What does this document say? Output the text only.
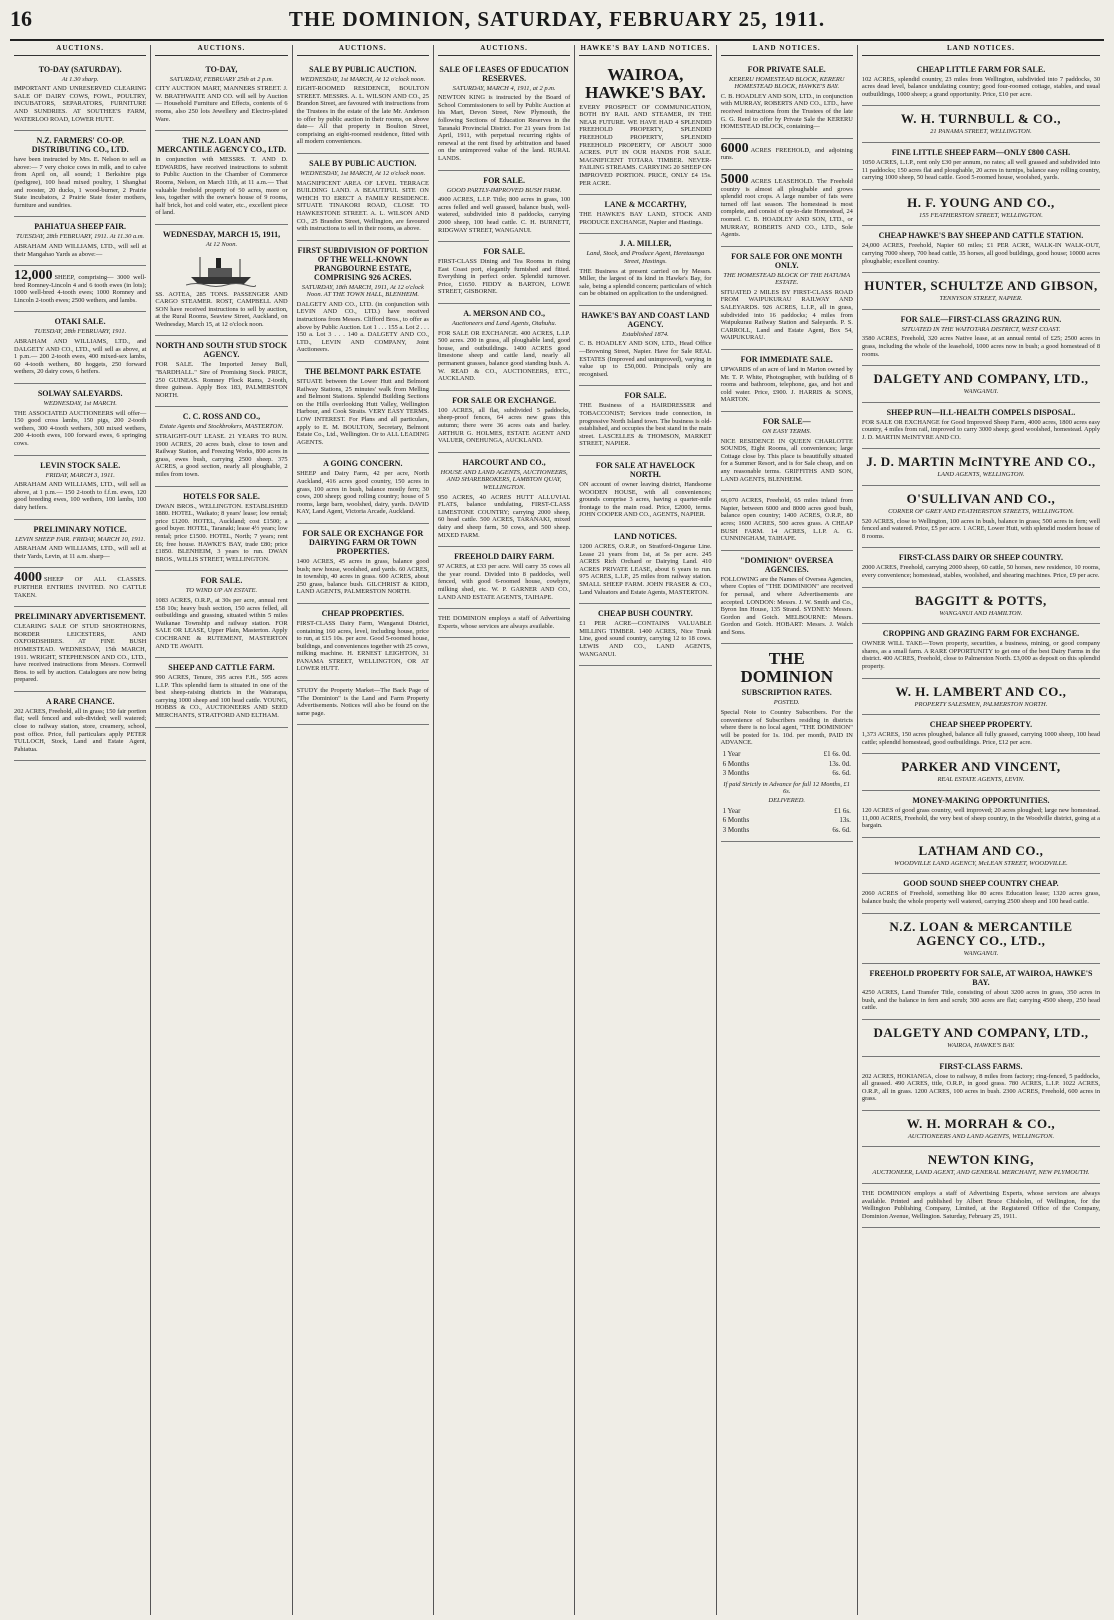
16	THE DOMINION, SATURDAY, FEBRUARY 25, 1911.
AUCTIONS.
TO-DAY (SATURDAY).
At 1.30 sharp.

IMPORTANT AND UNRESERVED CLEARING SALE OF DAIRY COWS, FOWL, POULTRY, INCUBATORS, SEPARATORS, FURNITURE AND SUNDRIES. AT SOUTHEE'S FARM, WATERLOO ROAD, LOWER HUTT.

N.Z. FARMERS' CO-OP. DISTRIBUTING CO., LTD.

have been instructed by Mrs. E. Nelson to sell as above:— 7 very choice cows in milk, and to calve from April on, all sound; 1 Berkshire pigs (pedigree), 100 head mixed poultry, 1 Shanghai and rooster, 20 ducks, 1 wood-burner, 2 Prairie State incubators, 2 Prairie State foster mothers, furniture and sundries.

PAHIATUA SHEEP FAIR.
TUESDAY, 28th FEBRUARY, 1911. At 11.30 a.m.

ABRAHAM AND WILLIAMS, LTD., will sell at their Mangahao Yards as above:—

12,000 SHEEP, comprising— 3000 well-bred Romney-Lincoln 4 and 6 tooth ewes (in lots); 1000 well-bred 4-tooth ewes; 1000 Romney and Lincoln 2-tooth ewes; 2500 wethers, and lambs.

OTAKI SALE.
TUESDAY, 28th FEBRUARY, 1911.

ABRAHAM AND WILLIAMS, LTD., and DALGETY AND CO., LTD., will sell as above, at 1 p.m.— 200 2-tooth ewes, 400 mixed-sex lambs, 60 4-tooth wethers, 80 hoggets, 250 forward wethers, 20 dairy cows, 6 heifers.

SOLWAY SALEYARDS.
WEDNESDAY, 1st MARCH.

THE ASSOCIATED AUCTIONEERS will offer— 150 good cross lambs, 150 pigs, 200 2-tooth wethers, 300 4-tooth wethers, 300 mixed wethers, 200 4-tooth ewes, 100 forward ewes, 6 springing cows.

LEVIN STOCK SALE.
FRIDAY, MARCH 3, 1911.

ABRAHAM AND WILLIAMS, LTD., will sell as above, at 1 p.m.— 150 2-tooth to f.f.m. ewes, 120 good breeding ewes, 100 wethers, 100 lambs, 100 dairy heifers.

PRELIMINARY NOTICE.
LEVIN SHEEP FAIR. FRIDAY, MARCH 10, 1911.

ABRAHAM AND WILLIAMS, LTD., will sell at their Yards, Levin, at 11 a.m. sharp—

4000 SHEEP OF ALL CLASSES. FURTHER ENTRIES INVITED. NO CATTLE TAKEN.

PRELIMINARY ADVERTISEMENT.

CLEARING SALE OF STUD SHORTHORNS, BORDER LEICESTERS, AND OXFORDSHIRES. AT FINE BUSH HOMESTEAD. WEDNESDAY, 15th MARCH, 1911. WRIGHT, STEPHENSON AND CO., LTD., have received instructions from Messrs. Cornwell Bros. to sell by auction. Catalogues are now being prepared.

A RARE CHANCE.

202 ACRES, Freehold, all in grass; 150 fair portion flat; well fenced and sub-divided; well watered; close to railway station, store, creamery, school, post office. Price, full particulars apply PETER TULLOCH, Stock, Land and Estate Agent, Pahiatua.

AUCTIONS.
TO-DAY,
SATURDAY, FEBRUARY 25th at 2 p.m.

CITY AUCTION MART, MANNERS STREET. J. W. BRATHWAITE AND CO. will sell by Auction— Household Furniture and Effects, contents of 6 rooms, also 250 lots Jewellery and Electro-plated Ware.

THE N.Z. LOAN AND MERCANTILE AGENCY CO., LTD.

in conjunction with MESSRS. T. AND D. EDWARDS, have received instructions to submit to Public Auction in the Chamber of Commerce Rooms, Nelson, on March 11th, at 11 a.m.— That valuable freehold property of 50 acres, more or less, together with the owner's house of 9 rooms, half brick, hot and cold water, etc., excellent piece of land.

WEDNESDAY, MARCH 15, 1911,
At 12 Noon.

SS. AOTEA, 285 TONS. PASSENGER AND CARGO STEAMER. ROST, CAMPBELL AND SON have received instructions to sell by auction, at the Rural Rooms, Seaview Street, Auckland, on Wednesday, March 15, at 12 o'clock noon.

NORTH AND SOUTH STUD STOCK AGENCY.

FOR SALE. The Imported Jersey Bull, "BARDHALL." Sire of Promising Stock. PRICE, 250 GUINEAS. Romney Flock Rams, 2-tooth, three guineas. Apply Box 183, PALMERSTON NORTH.

C. C. ROSS AND CO.,
Estate Agents and Stockbrokers, MASTERTON.

STRAIGHT-OUT LEASE. 21 YEARS TO RUN. 1900 ACRES, 20 acres bush, close to town and Railway Station, and Freezing Works, 800 acres in grass, ewes bush, carrying 2500 sheep. 375 ACRES, a good section, nearly all ploughable, 2 miles from town.

HOTELS FOR SALE.

DWAN BROS., WELLINGTON. ESTABLISHED 1880. HOTEL, Waikato; 8 years' lease; low rental; price £1200. HOTEL, Auckland; cost £1500; a good buyer. HOTEL, Taranaki; lease 4½ years; low rental; price £1500. HOTEL, North; 7 years; rent £6; free house. HAWKE'S BAY, trade £80; price £1850. BLENHEIM, 3 years to run. DWAN BROS., WILLIS STREET, WELLINGTON.

FOR SALE.
TO WIND UP AN ESTATE.

1083 ACRES, O.R.P., at 30s per acre, annual rent £58 10s; heavy bush section, 150 acres felled, all outbuildings and grassing, situated within 5 miles Waikanae Township and railway station. FOR SALE OR LEASE, Upper Plain, Masterton. Apply COCHRANE & RUTEMENT, MASTERTON AND TE AWAITI.

SHEEP AND CATTLE FARM.

990 ACRES, Tenure, 395 acres F.H., 595 acres L.I.P. This splendid farm is situated in one of the best sheep-raising districts in the Wairarapa, carrying 1000 sheep and 100 head cattle. YOUNG, HOBBS & CO., AUCTIONEERS AND SEED MERCHANTS, STRATFORD AND ELTHAM.

AUCTIONS.
SALE BY PUBLIC AUCTION.
WEDNESDAY, 1st MARCH, At 12 o'clock noon.

EIGHT-ROOMED RESIDENCE, BOULTON STREET. MESSRS. A. L. WILSON AND CO., 25 Brandon Street, are favoured with instructions from the Trustees in the estate of the late Mr. Anderson to offer by public auction in their rooms, on above date— All that property in Boulton Street, comprising an eight-roomed residence, fitted with all modern conveniences.

SALE BY PUBLIC AUCTION.
WEDNESDAY, 1st MARCH, At 12 o'clock noon.

MAGNIFICENT AREA OF LEVEL TERRACE BUILDING LAND. A BEAUTIFUL SITE ON WHICH TO ERECT A FAMILY RESIDENCE. SITUATE TINAKORI ROAD, CLOSE TO HAWKESTONE STREET. A. L. WILSON AND CO., 25 Brandon Street, Wellington, are favoured with instructions to sell in their rooms, as above.

FIRST SUBDIVISION OF PORTION OF THE WELL-KNOWN PRANGBOURNE ESTATE, COMPRISING 926 ACRES.
SATURDAY, 18th MARCH, 1911, At 12 o'clock Noon. AT THE TOWN HALL, BLENHEIM.

DALGETY AND CO., LTD. (in conjunction with LEVIN AND CO., LTD.) have received instructions from Messrs. Clifford Bros., to offer as above by Public Auction. Lot 1 . . . 155 a. Lot 2 . . . 150 a. Lot 3 . . . 140 a. DALGETY AND CO., LTD., LEVIN AND COMPANY, Joint Auctioneers.

THE BELMONT PARK ESTATE

SITUATE between the Lower Hutt and Belmont Railway Stations, 25 minutes' walk from Melling and Belmont Stations. Splendid Building Sections on the Hills overlooking Hutt Valley, Wellington Harbour, and Cook Straits. VERY EASY TERMS. LOW INTEREST. For Plans and all particulars, apply to E. M. BOULTON, Secretary, Belmont Estate Co., Ltd., Wellington. Or to ALL LEADING AGENTS.

A GOING CONCERN.

SHEEP and Dairy Farm, 42 per acre, North Auckland, 416 acres good country, 150 acres in grass, 100 acres in bush, balance mostly fern; 30 cows, 200 sheep; good rolling country; house of 5 rooms, large barn, woolshed, dairy, yards. DAVID KAY, Land Agent, Victoria Arcade, Auckland.

FOR SALE OR EXCHANGE FOR DAIRYING FARM OR TOWN PROPERTIES.

1400 ACRES, 45 acres in grass, balance good bush; new house, woolshed, and yards. 60 ACRES, in township, 40 acres in grass. 600 ACRES, about 250 grass, balance bush. GILCHRIST & KIDD, LAND AGENTS, PALMERSTON NORTH.

CHEAP PROPERTIES.

FIRST-CLASS Dairy Farm, Wanganui District, containing 160 acres, level, including house, price to run, at £15 10s. per acre. Good 5-roomed house, buildings, and conveniences together with 25 cows, milking machine. H. ERNEST LEIGHTON, 31 PANAMA STREET, WELLINGTON, OR AT LOWER HUTT.

STUDY the Property Market—The Back Page of "The Dominion" is the Land and Farm Property Advertisements. Notices will also be found on the same page.

AUCTIONS.
SALE OF LEASES OF EDUCATION RESERVES.
SATURDAY, MARCH 4, 1911, at 2 p.m.

NEWTON KING is instructed by the Board of School Commissioners to sell by Public Auction at his Mart, Devon Street, New Plymouth, the following Sections of Education Reserves in the Taranaki Provincial District. For 21 years from 1st April, 1911, with perpetual recurring rights of renewal at the rent fixed by arbitration and based on the unimproved value of the land. RURAL LANDS.

FOR SALE.
GOOD PARTLY-IMPROVED BUSH FARM.

4900 ACRES, L.I.P. Title; 800 acres in grass, 100 acres felled and well grassed, balance bush, well-watered, subdivided into 8 paddocks, carrying 2000 sheep, 100 head cattle. C. H. BURNETT, RIDGWAY STREET, WANGANUI.

FOR SALE.

FIRST-CLASS Dining and Tea Rooms in rising East Coast port, elegantly furnished and fitted. Everything in perfect order. Splendid turnover. Price, £1650. FIDDY & BARTON, LOWE STREET, GISBORNE.

A. MERSON AND CO.,
Auctioneers and Land Agents, Otahuhu.

FOR SALE OR EXCHANGE. 400 ACRES, L.I.P. 500 acres. 200 in grass, all ploughable land, good house, and outbuildings. 1400 ACRES good limestone sheep and cattle land, nearly all permanent grasses, balance good standing bush. A. W. READ & CO., AUCTIONEERS, ETC., AUCKLAND.

FOR SALE OR EXCHANGE.

100 ACRES, all flat, subdivided 5 paddocks, sheep-proof fences, 64 acres new grass this autumn; there were 36 acres oats and barley. ARTHUR G. HOLMES, ESTATE AGENT AND VALUER, ONEHUNGA, AUCKLAND.

HARCOURT AND CO.,
HOUSE AND LAND AGENTS, AUCTIONEERS, AND SHAREBROKERS, LAMBTON QUAY, WELLINGTON.

950 ACRES, 40 ACRES HUTT ALLUVIAL FLATS, balance undulating, FIRST-CLASS LIMESTONE COUNTRY; carrying 2000 sheep, 60 head cattle. 500 ACRES, TARANAKI, mixed dairy and sheep farm, 50 cows, and 500 sheep. MIXED FARM.

FREEHOLD DAIRY FARM.

97 ACRES, at £33 per acre. Will carry 35 cows all the year round. Divided into 8 paddocks, well fenced, with good 6-roomed house, cowbyre, milking shed, etc. W. P. GARNER AND CO., LAND AND ESTATE AGENTS, TAIHAPE.

THE DOMINION employs a staff of Advertising Experts, whose services are always available.

HAWKE'S BAY LAND NOTICES.
WAIROA, HAWKE'S BAY.

EVERY PROSPECT OF COMMUNICATION, BOTH BY RAIL AND STEAMER, IN THE NEAR FUTURE. WE HAVE HAD 4 SPLENDID FREEHOLD PROPERTY, SPLENDID FREEHOLD PROPERTY, SPLENDID FREEHOLD PROPERTY, OF ABOUT 3000 ACRES. PUT IN OUR HANDS FOR SALE. MAGNIFICENT TOTARA TIMBER. NEVER-FAILING STREAMS. CARRYING 20 SHEEP ON IMPROVED PORTION. PRICE, ONLY £4 15s. PER ACRE.

LANE & MCCARTHY,

THE HAWKE'S BAY LAND, STOCK AND PRODUCE EXCHANGE, Napier and Hastings.

J. A. MILLER,
Land, Stock, and Produce Agent, Heretaunga Street, Hastings.

THE Business at present carried on by Messrs. Miller, the largest of its kind in Hawke's Bay, for sale, being a splendid concern; particulars of which can be obtained on application to the undersigned.

HAWKE'S BAY AND COAST LAND AGENCY.
Established 1874.

C. B. HOADLEY AND SON, LTD., Head Office—Browning Street, Napier. Have for Sale REAL ESTATES (Improved and unimproved), varying in value up to £50,000. Principals only are recognised.

FOR SALE.

THE Business of a HAIRDRESSER and TOBACCONIST; Services trade connection, in progressive North Island town. The business is old-established, and occupies the best stand in the main street. LASCELLES & THOMSON, MARKET STREET, NAPIER.

FOR SALE AT HAVELOCK NORTH.

ON account of owner leaving district, Handsome WOODEN HOUSE, with all conveniences; grounds comprise 3 acres, having a quarter-mile frontage to the main road. Price, £2000, terms. JOHN COOPER AND CO., AGENTS, NAPIER.

LAND NOTICES.

1200 ACRES, O.R.P., on Stratford-Ongarue Line. Lease 21 years from 1st, at 5s per acre. 245 ACRES Rich Orchard or Dairying Land. 410 ACRES PRIVATE LEASE, about 6 years to run. 975 ACRES, L.I.P., 25 miles from railway station. SMALL SHEEP FARM. JOHN FRASER & CO., Land Valuators and Estate Agents, MASTERTON.

CHEAP BUSH COUNTRY.

£1 PER ACRE—CONTAINS VALUABLE MILLING TIMBER. 1400 ACRES, Nice Trunk Line, good sound country, carrying 12 to 18 cows. LEWIS AND CO., LAND AGENTS, WANGANUI.

LAND NOTICES.
FOR PRIVATE SALE.
KERERU HOMESTEAD BLOCK, KERERU HOMESTEAD BLOCK, HAWKE'S BAY.

C. B. HOADLEY AND SON, LTD., in conjunction with MURRAY, ROBERTS AND CO., LTD., have received instructions from the Trustees of the late G. G. Reed to offer by Private Sale the KERERU HOMESTEAD BLOCK, containing—

6000 ACRES FREEHOLD, and adjoining runs.

5000 ACRES LEASEHOLD. The Freehold country is almost all ploughable and grows splendid root crops. A large number of fats were turned off last season. The homestead is most complete, and consist of up-to-date Homestead, 24 roomed. C. B. HOADLEY AND SON, LTD., or MURRAY, ROBERTS AND CO., LTD., Sole Agents.

FOR SALE FOR ONE MONTH ONLY.
THE HOMESTEAD BLOCK OF THE HATUMA ESTATE.

SITUATED 2 MILES BY FIRST-CLASS ROAD FROM WAIPUKURAU RAILWAY AND SALEYARDS. 926 ACRES, L.I.P., all in grass, subdivided into 16 paddocks; 4 miles from Waipukurau Railway Station and Saleyards. P. S. CARROLL, Land and Estate Agent, Box 54, WAIPUKURAU.

FOR IMMEDIATE SALE.

UPWARDS of an acre of land in Marton owned by Mr. T. P. White, Photographer, with building of 8 rooms and bathroom, telephone, gas, and hot and cold water. Price, £900. J. HARRIS & SONS, MARTON.

FOR SALE—
ON EASY TERMS.

NICE RESIDENCE IN QUEEN CHARLOTTE SOUNDS, Eight Rooms, all conveniences; large Cottage close by. This place is beautifully situated for a Summer Resort, and is for Sale cheap, and on any reasonable terms. GRIFFITHS AND SON, LAND AGENTS, BLENHEIM.

66,070 ACRES, Freehold, 65 miles inland from Napier, between 6000 and 8000 acres good bush, balance open country; 1400 ACRES, O.R.P., 80 acres; 1600 ACRES, 500 acres grass. A CHEAP BUSH FARM. 14 ACRES, L.I.P. A. G. CUNNINGHAM, TAIHAPE.

"DOMINION" OVERSEA AGENCIES.

FOLLOWING are the Names of Oversea Agencies, where Copies of "THE DOMINION" are received for perusal, and where Advertisements are accepted. LONDON: Messrs. J. W. Smith and Co., Byron Inn House, 135 Strand. SYDNEY: Messrs. Gordon and Gotch. MELBOURNE: Messrs. Gordon and Gotch. HOBART: Messrs. J. Walch and Sons.

THE DOMINION
SUBSCRIPTION RATES.
POSTED.

Special Note to Country Subscribers. For the convenience of Subscribers residing in districts where there is no local agent, "THE DOMINION" will be posted for 1s. 10d. per month, PAID IN ADVANCE.

1 Year	£1 6s. 0d.
6 Months	13s. 0d.
3 Months	6s. 6d.
If paid Strictly in Advance for full 12 Months, £1 6s.
DELIVERED.
1 Year	£1 6s.
6 Months	13s.
3 Months	6s. 6d.
LAND NOTICES.
CHEAP LITTLE FARM FOR SALE.

102 ACRES, splendid country, 23 miles from Wellington, subdivided into 7 paddocks, 30 acres dead level, balance undulating country; good four-roomed cottage, stables, and usual outbuildings, 1000 sheep; a grand opportunity. Price, £10 per acre.

W. H. TURNBULL & CO.,
21 PANAMA STREET, WELLINGTON.
FINE LITTLE SHEEP FARM—ONLY £800 CASH.

1050 ACRES, L.I.P., rent only £30 per annum, no rates; all well grassed and subdivided into 11 paddocks; 150 acres flat and ploughable, 20 acres in turnips, balance easy rolling country, carrying 1000 sheep, 50 head cattle. Good 5-roomed house, woolshed, yards.

H. F. YOUNG AND CO.,
155 FEATHERSTON STREET, WELLINGTON.
CHEAP HAWKE'S BAY SHEEP AND CATTLE STATION.

24,000 ACRES, Freehold, Napier 60 miles; £1 PER ACRE, WALK-IN WALK-OUT, carrying 7000 sheep, 700 head cattle, 35 horses, all good buildings, good house; 10000 acres ploughable; excellent country.

HUNTER, SCHULTZE AND GIBSON,
TENNYSON STREET, NAPIER.
FOR SALE—FIRST-CLASS GRAZING RUN.
SITUATED IN THE WAITOTARA DISTRICT, WEST COAST.

3580 ACRES, Freehold, 320 acres Native lease, at an annual rental of £25; 2500 acres in grass, including the whole of the leasehold, 1000 acres now in bush; a good homestead of 8 rooms.

DALGETY AND COMPANY, LTD.,
WANGANUI.
SHEEP RUN—ILL-HEALTH COMPELS DISPOSAL.

FOR SALE OR EXCHANGE for Good Improved Sheep Farm, 4000 acres, 1800 acres easy country, 4 miles from rail, improved to carry 3000 sheep; good woolshed, homestead. Apply J. D. MARTIN McINTYRE AND CO.

J. D. MARTIN McINTYRE AND CO.,
LAND AGENTS, WELLINGTON.
O'SULLIVAN AND CO.,
CORNER OF GREY AND FEATHERSTON STREETS, WELLINGTON.

520 ACRES, close to Wellington, 100 acres in bush, balance in grass; 500 acres in fern; well fenced and watered. Price, £5 per acre. 1 ACRE, Lower Hutt, with splendid modern house of 8 rooms.

FIRST-CLASS DAIRY OR SHEEP COUNTRY.

2000 ACRES, Freehold, carrying 2000 sheep, 60 cattle, 50 horses, new residence, 10 rooms, every convenience; homestead, stables, woolshed, and shearing machines. Price, £9 per acre.

BAGGITT & POTTS,
WANGANUI AND HAMILTON.
CROPPING AND GRAZING FARM FOR EXCHANGE.

OWNER WILL TAKE—Town property, securities, a business, mining, or good company shares, as a small farm. A RARE OPPORTUNITY to get one of the best Dairy Farms in the district. 400 ACRES, Freehold, close to Palmerston North. £3,000 as deposit on this splendid property.

W. H. LAMBERT AND CO.,
PROPERTY SALESMEN, PALMERSTON NORTH.
CHEAP SHEEP PROPERTY.

1,373 ACRES, 150 acres ploughed, balance all fully grassed, carrying 1000 sheep, 100 head cattle; splendid homestead, good outbuildings. Price, £12 per acre.

PARKER AND VINCENT,
REAL ESTATE AGENTS, LEVIN.
MONEY-MAKING OPPORTUNITIES.

120 ACRES of good grass country, well improved; 20 acres ploughed; large new homestead. 11,000 ACRES, Freehold, the very best of sheep country, in the Woodville district, going at a bargain.

LATHAM AND CO.,
WOODVILLE LAND AGENCY, McLEAN STREET, WOODVILLE.
GOOD SOUND SHEEP COUNTRY CHEAP.

2060 ACRES of Freehold, something like 80 acres Education lease; 1320 acres grass, balance bush; the whole property well watered, carrying 2500 sheep and 100 head cattle.

N.Z. LOAN & MERCANTILE AGENCY CO., LTD.,
WANGANUI.
FREEHOLD PROPERTY FOR SALE, AT WAIROA, HAWKE'S BAY.

4250 ACRES, Land Transfer Title, consisting of about 3200 acres in grass, 350 acres in bush, and the balance in fern and scrub; 300 acres are flat; carrying 4500 sheep, 250 head cattle.

DALGETY AND COMPANY, LTD.,
WAIROA, HAWKE'S BAY.
FIRST-CLASS FARMS.

202 ACRES, HOKIANGA, close to railway, 8 miles from factory; ring-fenced, 5 paddocks, all grassed. 490 ACRES, title, O.R.P., in good grass. 780 ACRES, L.I.P. 1022 ACRES, O.R.P., all in grass. 1200 ACRES, 100 acres in bush. 2300 ACRES, Freehold, 600 acres in grass.

W. H. MORRAH & CO.,
AUCTIONEERS AND LAND AGENTS, WELLINGTON.
NEWTON KING,
AUCTIONEER, LAND AGENT, AND GENERAL MERCHANT, NEW PLYMOUTH.

THE DOMINION employs a staff of Advertising Experts, whose services are always available. Printed and published by Albert Bruce Chisholm, of Wellington, for the Wellington Publishing Company, Limited, at the Registered Office of the Company, Dominion Avenue, Wellington. Saturday, February 25, 1911.
